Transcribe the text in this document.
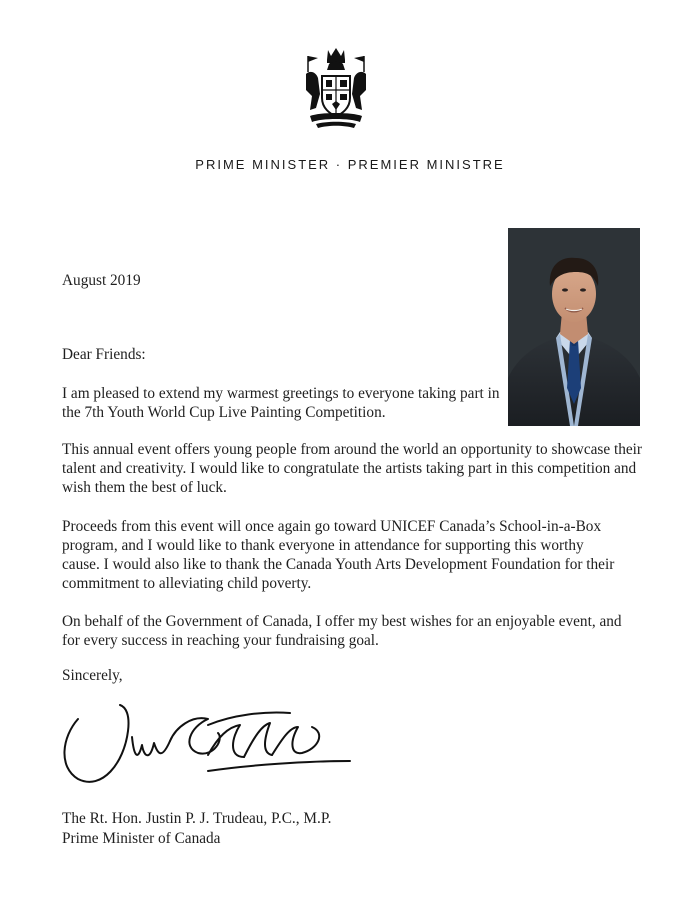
PRIME MINISTER · PREMIER MINISTRE

August 2019

Dear Friends:

I am pleased to extend my warmest greetings to everyone taking part in the 7th Youth World Cup Live Painting Competition.

This annual event offers young people from around the world an opportunity to showcase their talent and creativity. I would like to congratulate the artists taking part in this competition and wish them the best of luck.

Proceeds from this event will once again go toward UNICEF Canada’s School-in-a-Box program, and I would like to thank everyone in attendance for supporting this worthy cause. I would also like to thank the Canada Youth Arts Development Foundation for their commitment to alleviating child poverty.

On behalf of the Government of Canada, I offer my best wishes for an enjoyable event, and for every success in reaching your fundraising goal.

Sincerely,

The Rt. Hon. Justin P. J. Trudeau, P.C., M.P.

Prime Minister of Canada
